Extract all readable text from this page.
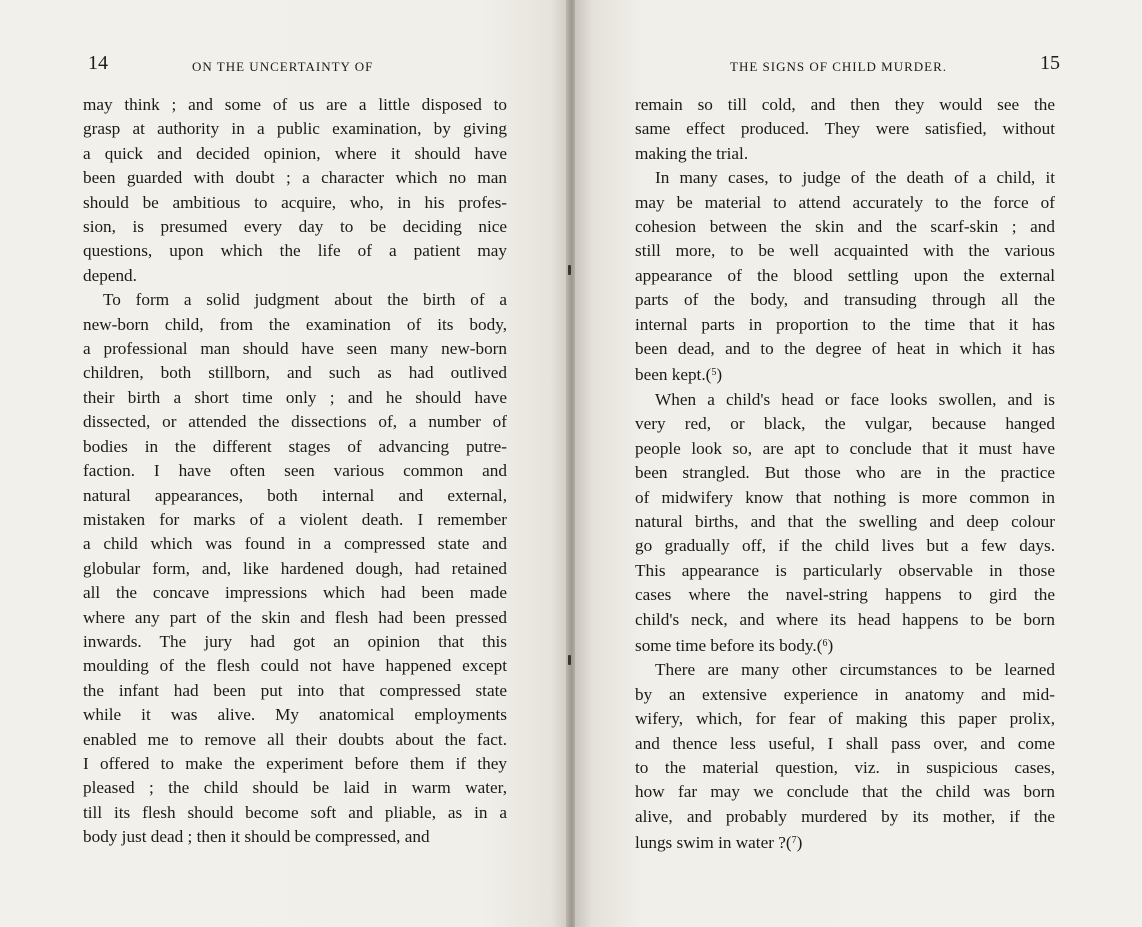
14	ON THE UNCERTAINTY OF
may think ; and some of us are a little disposed to
grasp at authority in a public examination, by giving
a quick and decided opinion, where it should have
been guarded with doubt ; a character which no man
should be ambitious to acquire, who, in his profes-
sion, is presumed every day to be deciding nice
questions, upon which the life of a patient may
depend.
To form a solid judgment about the birth of a
new-born child, from the examination of its body,
a professional man should have seen many new-born
children, both stillborn, and such as had outlived
their birth a short time only ; and he should have
dissected, or attended the dissections of, a number of
bodies in the different stages of advancing putre-
faction. I have often seen various common and
natural appearances, both internal and external,
mistaken for marks of a violent death. I remember
a child which was found in a compressed state and
globular form, and, like hardened dough, had retained
all the concave impressions which had been made
where any part of the skin and flesh had been pressed
inwards. The jury had got an opinion that this
moulding of the flesh could not have happened except
the infant had been put into that compressed state
while it was alive. My anatomical employments
enabled me to remove all their doubts about the fact.
I offered to make the experiment before them if they
pleased ; the child should be laid in warm water,
till its flesh should become soft and pliable, as in a
body just dead ; then it should be compressed, and
THE SIGNS OF CHILD MURDER.	15
remain so till cold, and then they would see the
same effect produced. They were satisfied, without
making the trial.
In many cases, to judge of the death of a child, it
may be material to attend accurately to the force of
cohesion between the skin and the scarf-skin ; and
still more, to be well acquainted with the various
appearance of the blood settling upon the external
parts of the body, and transuding through all the
internal parts in proportion to the time that it has
been dead, and to the degree of heat in which it has
been kept.($^5$)
When a child's head or face looks swollen, and is
very red, or black, the vulgar, because hanged
people look so, are apt to conclude that it must have
been strangled. But those who are in the practice
of midwifery know that nothing is more common in
natural births, and that the swelling and deep colour
go gradually off, if the child lives but a few days.
This appearance is particularly observable in those
cases where the navel-string happens to gird the
child's neck, and where its head happens to be born
some time before its body.($^6$)
There are many other circumstances to be learned
by an extensive experience in anatomy and mid-
wifery, which, for fear of making this paper prolix,
and thence less useful, I shall pass over, and come
to the material question, viz. in suspicious cases,
how far may we conclude that the child was born
alive, and probably murdered by its mother, if the
lungs swim in water ?($^7$)
